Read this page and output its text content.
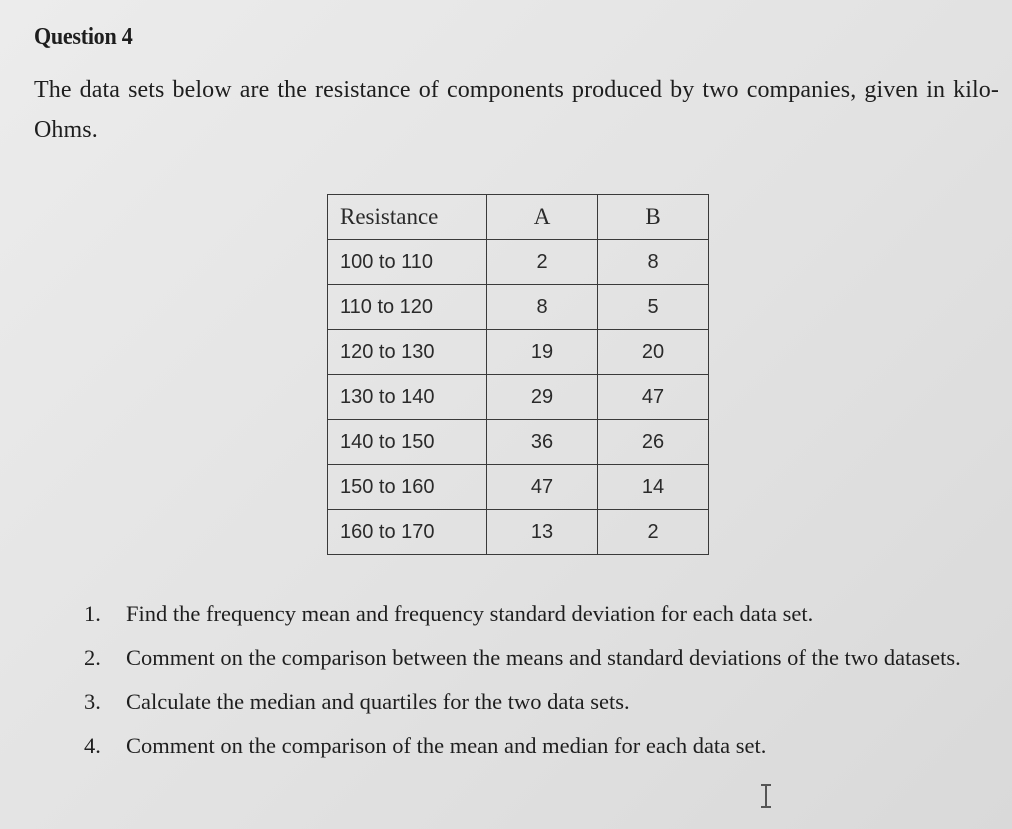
Question 4
The data sets below are the resistance of components produced by two companies, given in kilo-Ohms.
Resistance	A	B
100 to 110	2	8
110 to 120	8	5
120 to 130	19	20
130 to 140	29	47
140 to 150	36	26
150 to 160	47	14
160 to 170	13	2
1. Find the frequency mean and frequency standard deviation for each data set.
2. Comment on the comparison between the means and standard deviations of the two datasets.
3. Calculate the median and quartiles for the two data sets.
4. Comment on the comparison of the mean and median for each data set.
